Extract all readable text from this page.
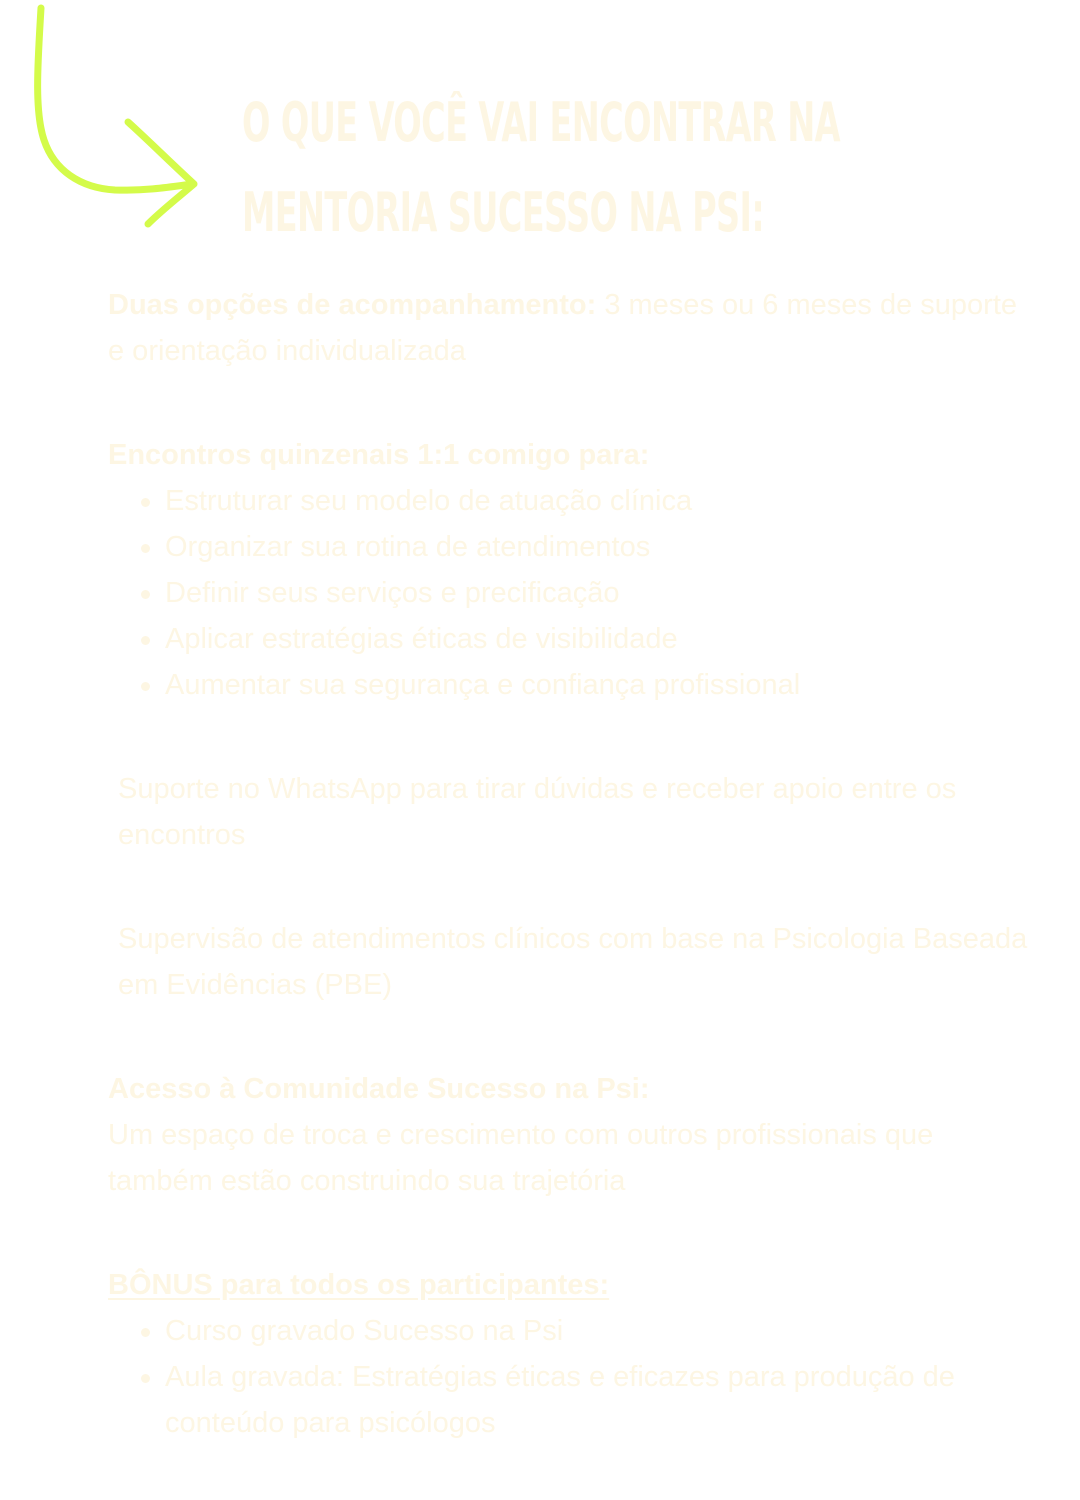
O QUE VOCÊ VAI ENCONTRAR NA
MENTORIA SUCESSO NA PSI:

Duas opções de acompanhamento: 3 meses ou 6 meses de suporte e orientação individualizada

Encontros quinzenais 1:1 comigo para:

Estruturar seu modelo de atuação clínica
Organizar sua rotina de atendimentos
Definir seus serviços e precificação
Aplicar estratégias éticas de visibilidade
Aumentar sua segurança e confiança profissional

Suporte no WhatsApp para tirar dúvidas e receber apoio entre os encontros

Supervisão de atendimentos clínicos com base na Psicologia Baseada em Evidências (PBE)

Acesso à Comunidade Sucesso na Psi:

Um espaço de troca e crescimento com outros profissionais que também estão construindo sua trajetória

BÔNUS para todos os participantes:

Curso gravado Sucesso na Psi
Aula gravada: Estratégias éticas e eficazes para produção de conteúdo para psicólogos
